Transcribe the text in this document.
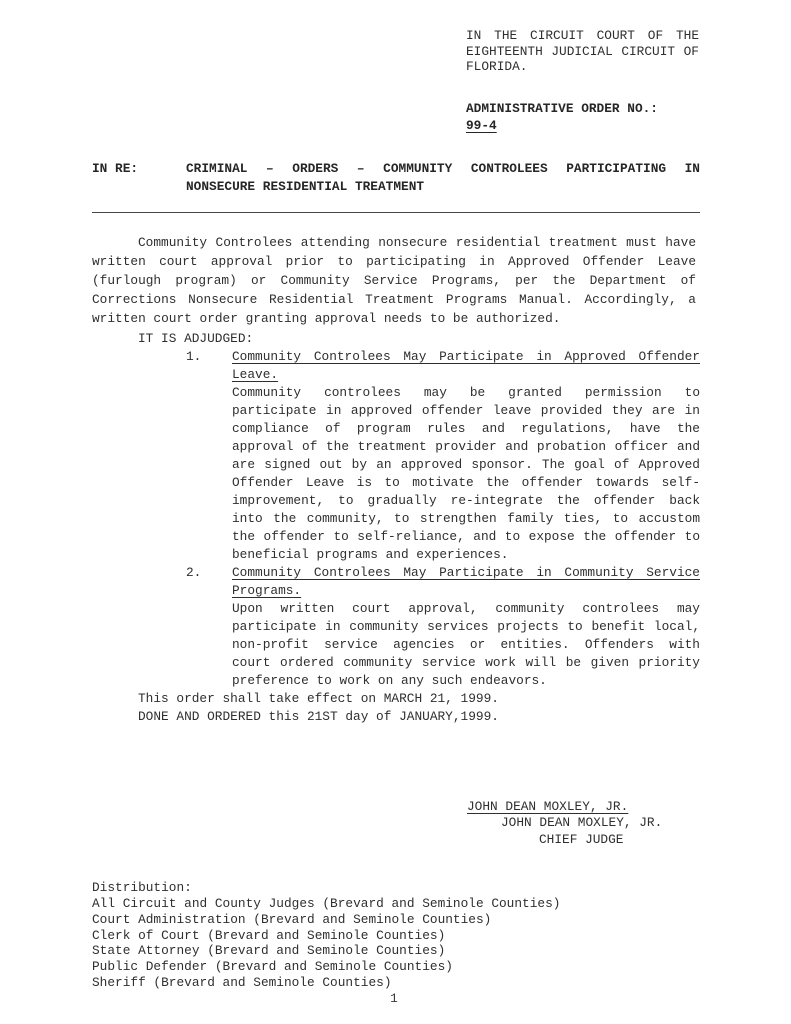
IN THE CIRCUIT COURT OF THE EIGHTEENTH JUDICIAL CIRCUIT OF FLORIDA.
ADMINISTRATIVE ORDER NO.:
99-4
IN RE:	CRIMINAL – ORDERS – COMMUNITY CONTROLEES PARTICIPATING IN NONSECURE RESIDENTIAL TREATMENT
Community Controlees attending nonsecure residential treatment must have written court approval prior to participating in Approved Offender Leave (furlough program) or Community Service Programs, per the Department of Corrections Nonsecure Residential Treatment Programs Manual. Accordingly, a written court order granting approval needs to be authorized.
IT IS ADJUDGED:
1.	Community Controlees May Participate in Approved Offender Leave.
Community controlees may be granted permission to participate in approved offender leave provided they are in compliance of program rules and regulations, have the approval of the treatment provider and probation officer and are signed out by an approved sponsor. The goal of Approved Offender Leave is to motivate the offender towards self-improvement, to gradually re-integrate the offender back into the community, to strengthen family ties, to accustom the offender to self-reliance, and to expose the offender to beneficial programs and experiences.
2.	Community Controlees May Participate in Community Service Programs.
Upon written court approval, community controlees may participate in community services projects to benefit local, non-profit service agencies or entities. Offenders with court ordered community service work will be given priority preference to work on any such endeavors.
This order shall take effect on MARCH 21, 1999.
DONE AND ORDERED this 21ST day of JANUARY,1999.
JOHN DEAN MOXLEY, JR.
JOHN DEAN MOXLEY, JR.
CHIEF JUDGE
Distribution:
All Circuit and County Judges (Brevard and Seminole Counties)
Court Administration (Brevard and Seminole Counties)
Clerk of Court (Brevard and Seminole Counties)
State Attorney (Brevard and Seminole Counties)
Public Defender (Brevard and Seminole Counties)
Sheriff (Brevard and Seminole Counties)
1
